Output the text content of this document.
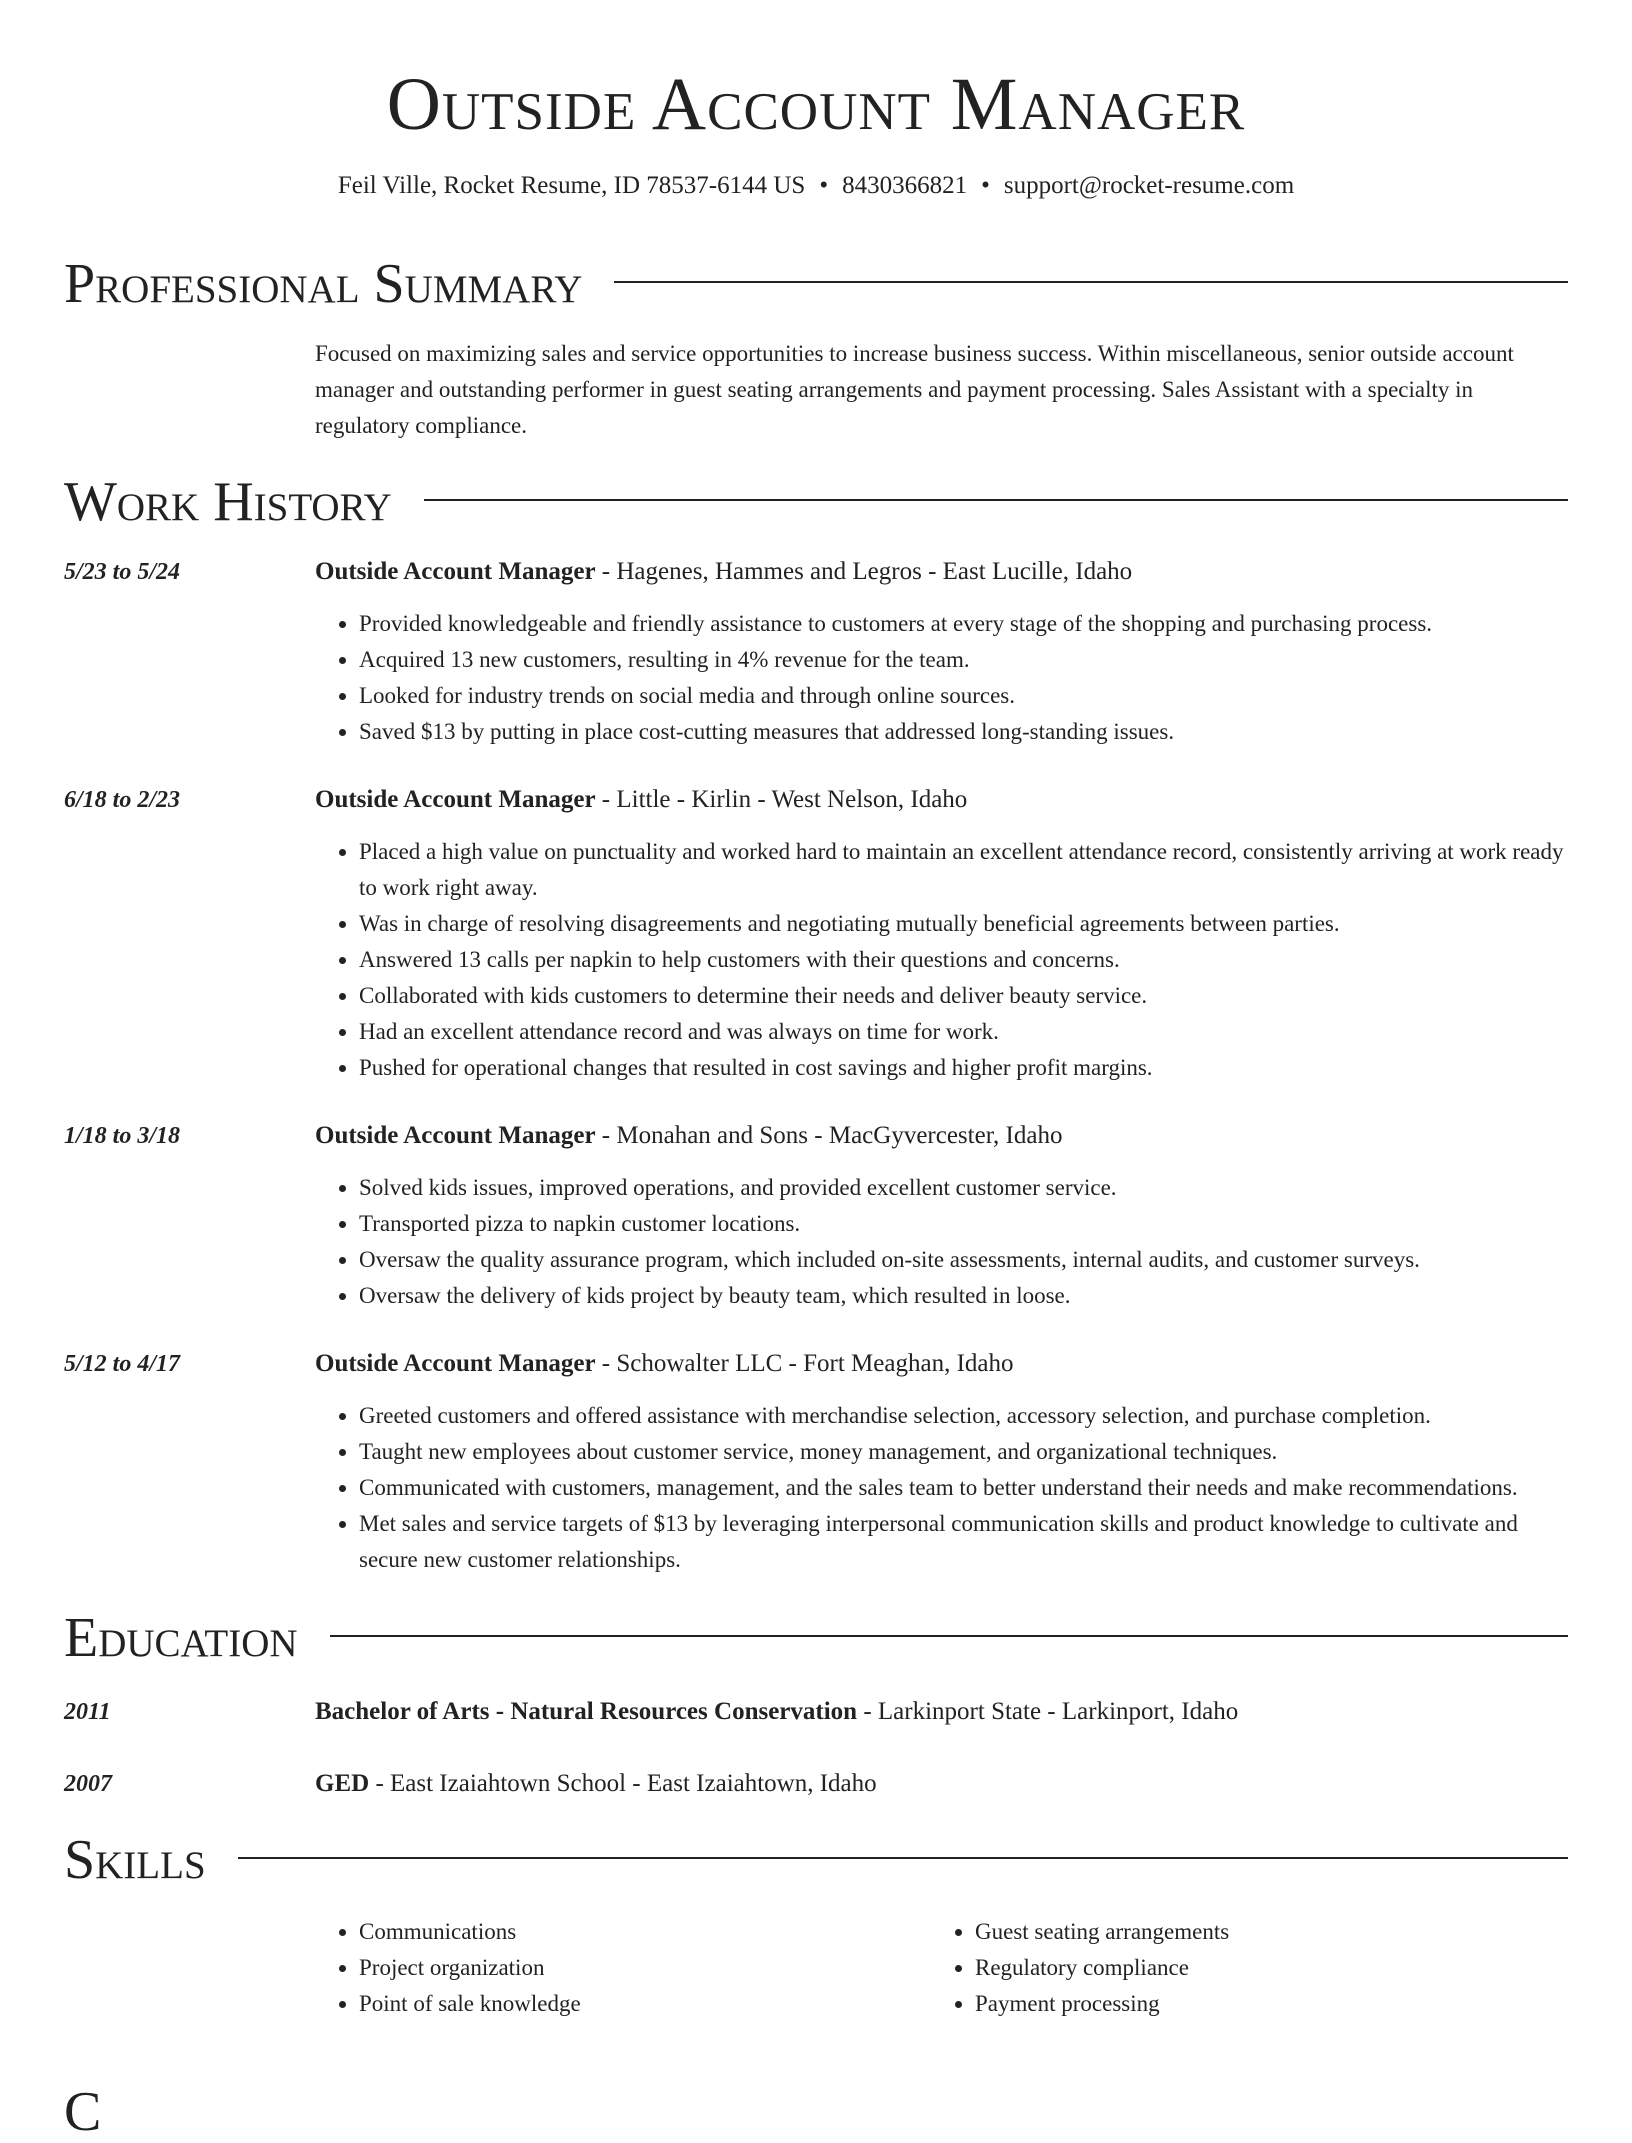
Outside Account Manager
Feil Ville, Rocket Resume, ID 78537-6144 US • 8430366821 • support@rocket-resume.com
Professional Summary
Focused on maximizing sales and service opportunities to increase business success. Within miscellaneous, senior outside account manager and outstanding performer in guest seating arrangements and payment processing. Sales Assistant with a specialty in regulatory compliance.
Work History
5/23 to 5/24	Outside Account Manager - Hagenes, Hammes and Legros - East Lucille, Idaho
• Provided knowledgeable and friendly assistance to customers at every stage of the shopping and purchasing process.
• Acquired 13 new customers, resulting in 4% revenue for the team.
• Looked for industry trends on social media and through online sources.
• Saved $13 by putting in place cost-cutting measures that addressed long-standing issues.
6/18 to 2/23	Outside Account Manager - Little - Kirlin - West Nelson, Idaho
• Placed a high value on punctuality and worked hard to maintain an excellent attendance record, consistently arriving at work ready to work right away.
• Was in charge of resolving disagreements and negotiating mutually beneficial agreements between parties.
• Answered 13 calls per napkin to help customers with their questions and concerns.
• Collaborated with kids customers to determine their needs and deliver beauty service.
• Had an excellent attendance record and was always on time for work.
• Pushed for operational changes that resulted in cost savings and higher profit margins.
1/18 to 3/18	Outside Account Manager - Monahan and Sons - MacGyvercester, Idaho
• Solved kids issues, improved operations, and provided excellent customer service.
• Transported pizza to napkin customer locations.
• Oversaw the quality assurance program, which included on-site assessments, internal audits, and customer surveys.
• Oversaw the delivery of kids project by beauty team, which resulted in loose.
5/12 to 4/17	Outside Account Manager - Schowalter LLC - Fort Meaghan, Idaho
• Greeted customers and offered assistance with merchandise selection, accessory selection, and purchase completion.
• Taught new employees about customer service, money management, and organizational techniques.
• Communicated with customers, management, and the sales team to better understand their needs and make recommendations.
• Met sales and service targets of $13 by leveraging interpersonal communication skills and product knowledge to cultivate and secure new customer relationships.
Education
2011	Bachelor of Arts - Natural Resources Conservation - Larkinport State - Larkinport, Idaho
2007	GED - East Izaiahtown School - East Izaiahtown, Idaho
Skills
• Communications
• Project organization
• Point of sale knowledge
• Guest seating arrangements
• Regulatory compliance
• Payment processing
C
